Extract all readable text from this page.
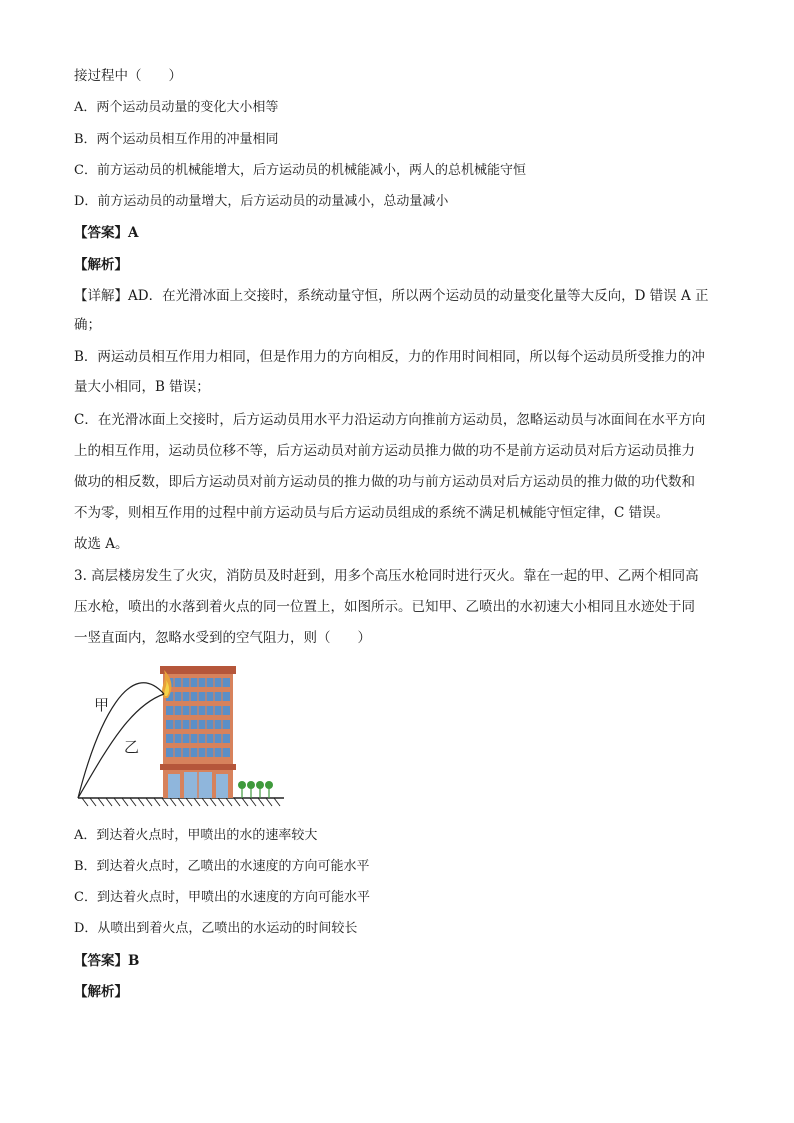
接过程中（　　）
A．两个运动员动量的变化大小相等
B．两个运动员相互作用的冲量相同
C．前方运动员的机械能增大，后方运动员的机械能减小，两人的总机械能守恒
D．前方运动员的动量增大，后方运动员的动量减小，总动量减小
【答案】A
【解析】
【详解】AD．在光滑冰面上交接时，系统动量守恒，所以两个运动员的动量变化量等大反向，D 错误 A 正
确；
B．两运动员相互作用力相同，但是作用力的方向相反，力的作用时间相同，所以每个运动员所受推力的冲
量大小相同，B 错误；
C．在光滑冰面上交接时，后方运动员用水平力沿运动方向推前方运动员，忽略运动员与冰面间在水平方向
上的相互作用，运动员位移不等，后方运动员对前方运动员推力做的功不是前方运动员对后方运动员推力
做功的相反数，即后方运动员对前方运动员的推力做的功与前方运动员对后方运动员的推力做的功代数和
不为零，则相互作用的过程中前方运动员与后方运动员组成的系统不满足机械能守恒定律，C 错误。
故选 A。
3. 高层楼房发生了火灾，消防员及时赶到，用多个高压水枪同时进行灭火。靠在一起的甲、乙两个相同高
压水枪，喷出的水落到着火点的同一位置上，如图所示。已知甲、乙喷出的水初速大小相同且水迹处于同
一竖直面内，忽略水受到的空气阻力，则（　　）
甲
乙
A．到达着火点时，甲喷出的水的速率较大
B．到达着火点时，乙喷出的水速度的方向可能水平
C．到达着火点时，甲喷出的水速度的方向可能水平
D．从喷出到着火点，乙喷出的水运动的时间较长
【答案】B
【解析】
